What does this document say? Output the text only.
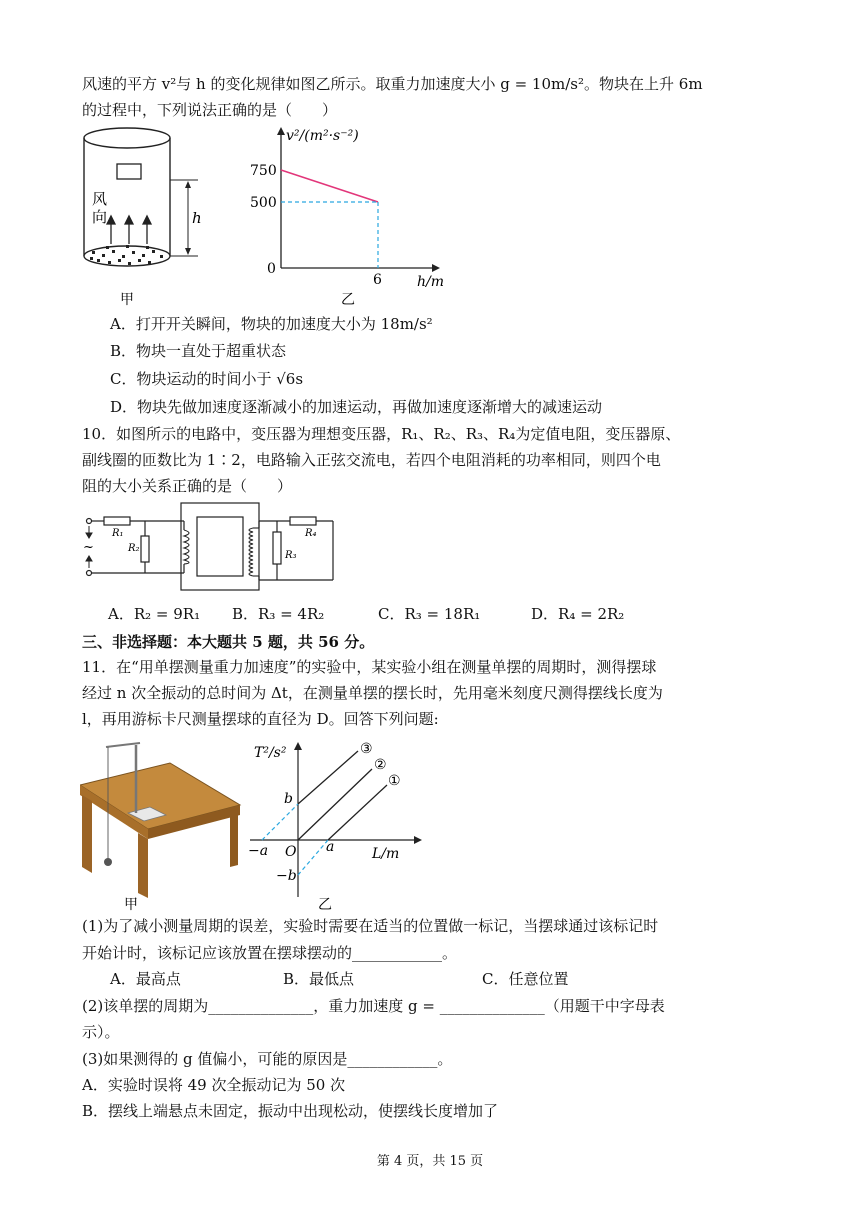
风速的平方 v²与 h 的变化规律如图乙所示。取重力加速度大小 g = 10m/s²。物块在上升 6m
的过程中，下列说法正确的是（　　）
风
向	h
甲
v²/(m²·s⁻²)
750
500
0
6	h/m
乙
A．打开开关瞬间，物块的加速度大小为 18m/s²
B．物块一直处于超重状态
C．物块运动的时间小于 √6s
D．物块先做加速度逐渐减小的加速运动，再做加速度逐渐增大的减速运动
10．如图所示的电路中，变压器为理想变压器，R₁、R₂、R₃、R₄为定值电阻，变压器原、
副线圈的匝数比为 1∶2，电路输入正弦交流电，若四个电阻消耗的功率相同，则四个电
阻的大小关系正确的是（　　）
~
R₁
R₂
R₃
R₄
A．R₂ = 9R₁ B．R₃ = 4R₂	C．R₃ = 18R₁	D．R₄ = 2R₂
三、非选择题：本大题共 5 题，共 56 分。
11．在“用单摆测量重力加速度”的实验中，某实验小组在测量单摆的周期时，测得摆球
经过 n 次全振动的总时间为 Δt，在测量单摆的摆长时，先用毫米刻度尺测得摆线长度为
l，再用游标卡尺测量摆球的直径为 D。回答下列问题:
甲
T²/s²
b
−b
−a O a	L/m
③
②
①
乙
(1)为了减小测量周期的误差，实验时需要在适当的位置做一标记，当摆球通过该标记时
开始计时，该标记应该放置在摆球摆动的____________。
A．最高点	B．最低点	C．任意位置
(2)该单摆的周期为______________，重力加速度 g = ______________（用题干中字母表
示）。
(3)如果测得的 g 值偏小，可能的原因是____________。
A．实验时误将 49 次全振动记为 50 次
B．摆线上端悬点未固定，振动中出现松动，使摆线长度增加了
第 4 页，共 15 页
